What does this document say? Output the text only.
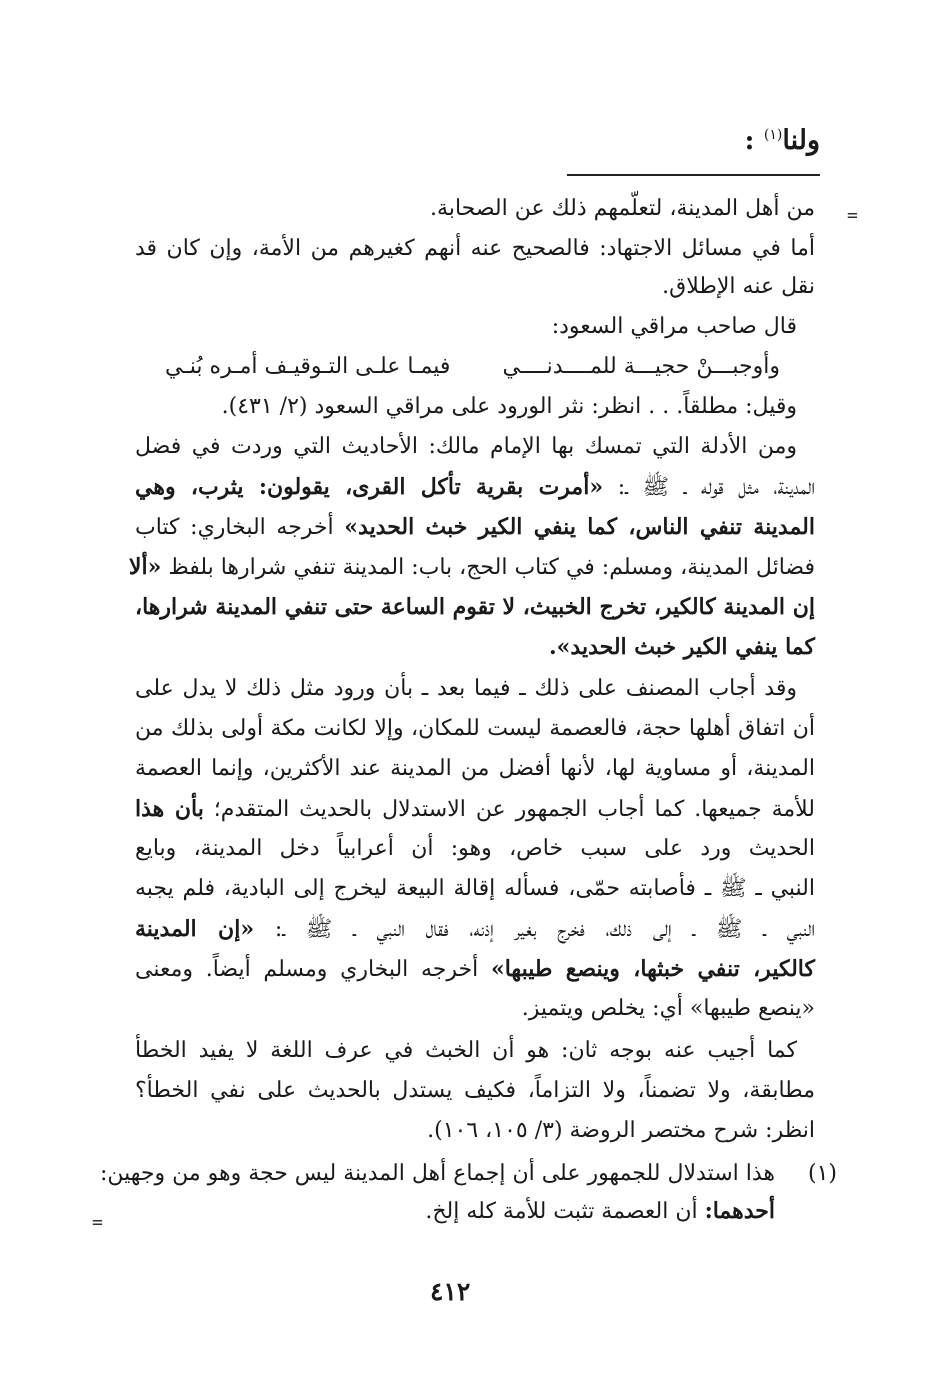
ولنا$^{(١)}$ :
=
=
من أهل المدينة، لتعلّمهم ذلك عن الصحابة.
أما في مسائل الاجتهاد: فالصحيح عنه أنهم كغيرهم من الأمة، وإن كان قد
نقل عنه الإطلاق.
قال صاحب مراقي السعود:
وأوجبـــنْ حجيـــة للمــــدنــــي
فيمـا علـى التـوقيـف أمـره بُنـي
وقيل: مطلقاً. . . انظر: نثر الورود على مراقي السعود (٢/ ٤٣١).
ومن الأدلة التي تمسك بها الإمام مالك: الأحاديث التي وردت في فضل
المدينة، مثل قوله ـ ﷺ ـ: «أمرت بقرية تأكل القرى، يقولون: يثرب، وهي
المدينة تنفي الناس، كما ينفي الكير خبث الحديد» أخرجه البخاري: كتاب
فضائل المدينة، ومسلم: في كتاب الحج، باب: المدينة تنفي شرارها بلفظ «ألا
إن المدينة كالكير، تخرج الخبيث، لا تقوم الساعة حتى تنفي المدينة شرارها،
كما ينفي الكير خبث الحديد».
وقد أجاب المصنف على ذلك ـ فيما بعد ـ بأن ورود مثل ذلك لا يدل على
أن اتفاق أهلها حجة، فالعصمة ليست للمكان، وإلا لكانت مكة أولى بذلك من
المدينة، أو مساوية لها، لأنها أفضل من المدينة عند الأكثرين، وإنما العصمة
للأمة جميعها. كما أجاب الجمهور عن الاستدلال بالحديث المتقدم؛ بأن هذا
الحديث ورد على سبب خاص، وهو: أن أعرابياً دخل المدينة، وبايع
النبي ـ ﷺ ـ فأصابته حمّى، فسأله إقالة البيعة ليخرج إلى البادية، فلم يجبه
النبي ـ ﷺ ـ إلى ذلك، فخرج بغير إذنه، فقال النبي ـ ﷺ ـ: «إن المدينة
كالكير، تنفي خبثها، وينصع طيبها» أخرجه البخاري ومسلم أيضاً. ومعنى
«ينصع طيبها» أي: يخلص ويتميز.
كما أجيب عنه بوجه ثان: هو أن الخبث في عرف اللغة لا يفيد الخطأ
مطابقة، ولا تضمناً، ولا التزاماً، فكيف يستدل بالحديث على نفي الخطأ؟
انظر: شرح مختصر الروضة (٣/ ١٠٥، ١٠٦).
(١)
هذا استدلال للجمهور على أن إجماع أهل المدينة ليس حجة وهو من وجهين:
أحدهما: أن العصمة تثبت للأمة كله إلخ.
٤١٢
